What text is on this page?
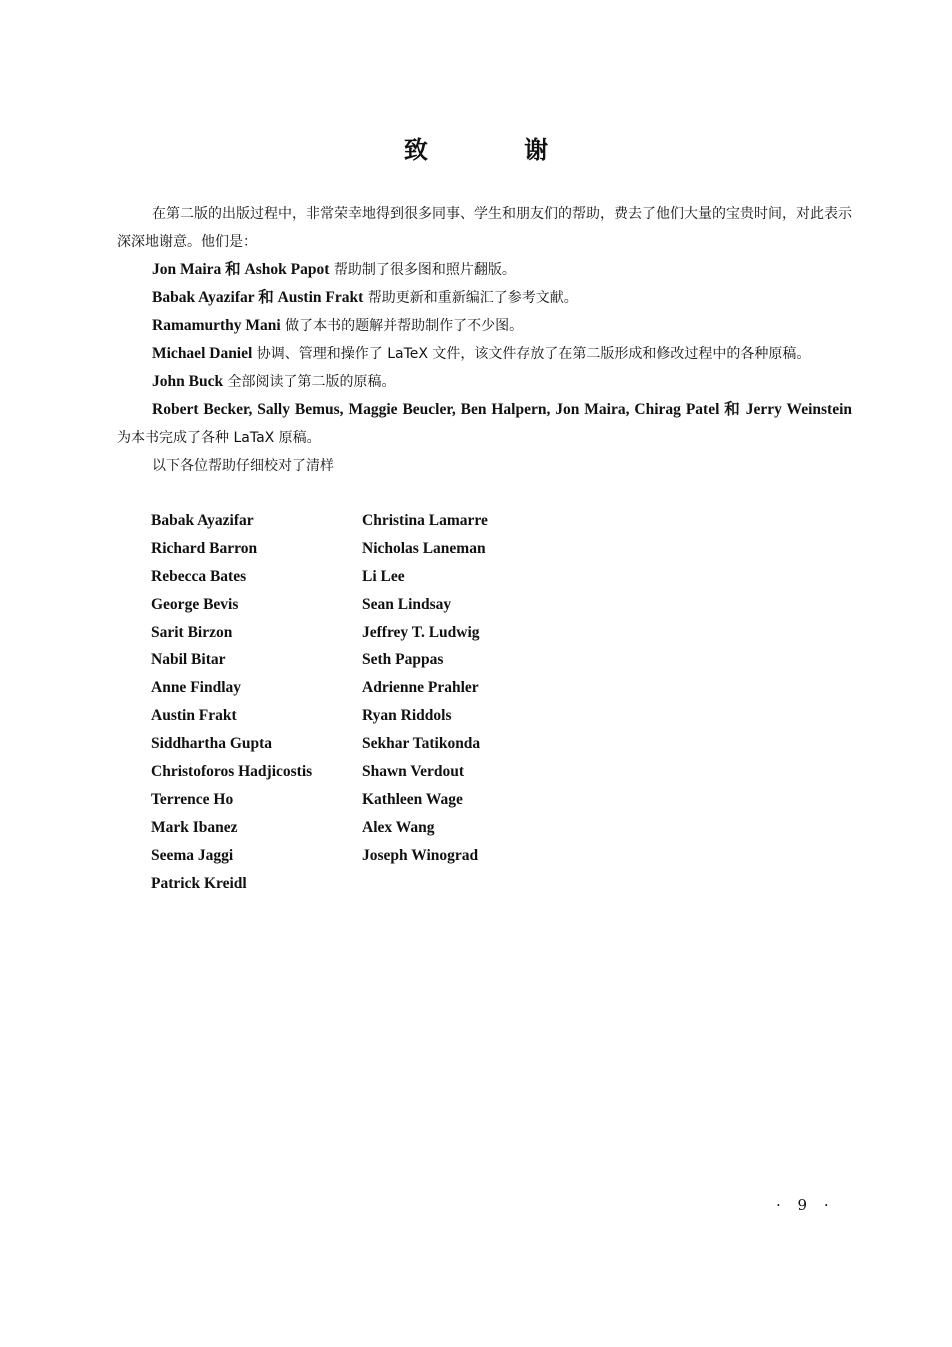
致 谢

在第二版的出版过程中，非常荣幸地得到很多同事、学生和朋友们的帮助，费去了他们大量的宝贵时间，对此表示深深地谢意。他们是：

Jon Maira 和 Ashok Papot 帮助制了很多图和照片翻版。

Babak Ayazifar 和 Austin Frakt 帮助更新和重新编汇了参考文献。

Ramamurthy Mani 做了本书的题解并帮助制作了不少图。

Michael Daniel 协调、管理和操作了 LaTeX 文件，该文件存放了在第二版形成和修改过程中的各种原稿。

John Buck 全部阅读了第二版的原稿。

Robert Becker, Sally Bemus, Maggie Beucler, Ben Halpern, Jon Maira, Chirag Patel 和 Jerry Weinstein 为本书完成了各种 LaTaX 原稿。

以下各位帮助仔细校对了清样

Babak Ayazifar	Christina Lamarre
Richard Barron	Nicholas Laneman
Rebecca Bates	Li Lee
George Bevis	Sean Lindsay
Sarit Birzon	Jeffrey T. Ludwig
Nabil Bitar	Seth Pappas
Anne Findlay	Adrienne Prahler
Austin Frakt	Ryan Riddols
Siddhartha Gupta	Sekhar Tatikonda
Christoforos Hadjicostis	Shawn Verdout
Terrence Ho	Kathleen Wage
Mark Ibanez	Alex Wang
Seema Jaggi	Joseph Winograd
Patrick Kreidl
· 9 ·
